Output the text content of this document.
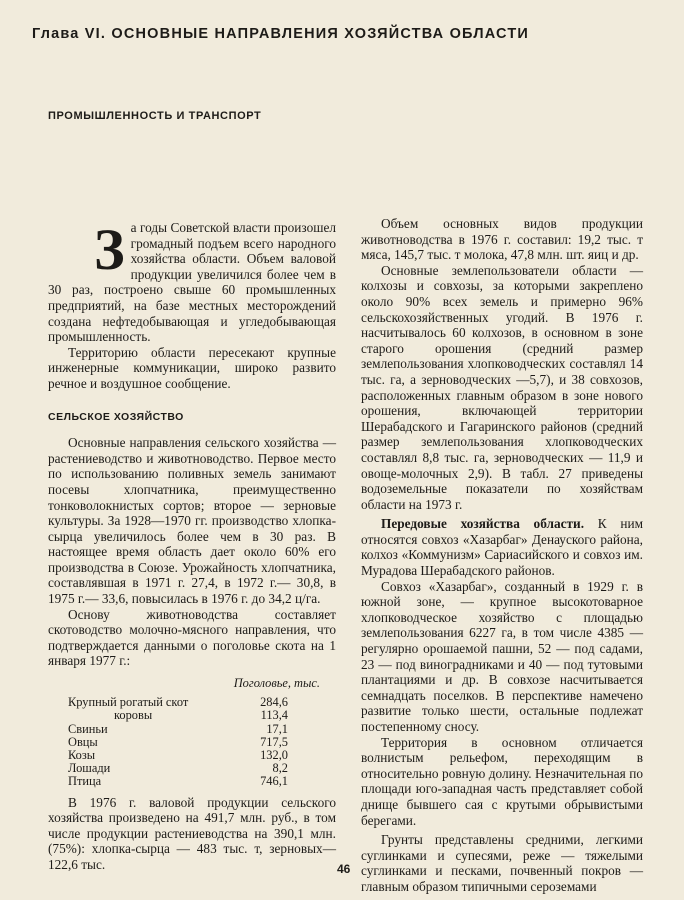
Глава VI. ОСНОВНЫЕ НАПРАВЛЕНИЯ ХОЗЯЙСТВА ОБЛАСТИ
ПРОМЫШЛЕННОСТЬ И ТРАНСПОРТ

За годы Советской власти произошел громадный подъем всего народного хозяйства области. Объем валовой продукции увеличился более чем в 30 раз, построено свыше 60 промышленных предприятий, на базе местных месторождений создана нефтедобывающая и угледобывающая промышленность.

Территорию области пересекают крупные инженерные коммуникации, широко развито речное и воздушное сообщение.

СЕЛЬСКОЕ ХОЗЯЙСТВО

Основные направления сельского хозяйства — растениеводство и животноводство. Первое место по использованию поливных земель занимают посевы хлопчатника, преимущественно тонковолокнистых сортов; второе — зерновые культуры. За 1928—1970 гг. производство хлопка-сырца увеличилось более чем в 30 раз. В настоящее время область дает около 60% его производства в Союзе. Урожайность хлопчатника, составлявшая в 1971 г. 27,4, в 1972 г.— 30,8, в 1975 г.— 33,6, повысилась в 1976 г. до 34,2 ц/га.

Основу животноводства составляет скотоводство молочно-мясного направления, что подтверждается данными о поголовье скота на 1 января 1977 г.:

Поголовье, тыс.
Крупный рогатый скот	284,6
коровы	113,4
Свиньи	17,1
Овцы	717,5
Козы	132,0
Лошади	8,2
Птица	746,1

В 1976 г. валовой продукции сельского хозяйства произведено на 491,7 млн. руб., в том числе продукции растениеводства на 390,1 млн. (75%): хлопка-сырца — 483 тыс. т, зерновых— 122,6 тыс.

Объем основных видов продукции животноводства в 1976 г. составил: 19,2 тыс. т мяса, 145,7 тыс. т молока, 47,8 млн. шт. яиц и др.

Основные землепользователи области — колхозы и совхозы, за которыми закреплено около 90% всех земель и примерно 96% сельскохозяйственных угодий. В 1976 г. насчитывалось 60 колхозов, в основном в зоне старого орошения (средний размер землепользования хлопководческих составлял 14 тыс. га, а зерноводческих —5,7), и 38 совхозов, расположенных главным образом в зоне нового орошения, включающей территории Шерабадского и Гагаринского районов (средний размер землепользования хлопководческих составлял 8,8 тыс. га, зерноводческих — 11,9 и овоще-молочных 2,9). В табл. 27 приведены водоземельные показатели по хозяйствам области на 1973 г.

Передовые хозяйства области. К ним относятся совхоз «Хазарбаг» Денауского района, колхоз «Коммунизм» Сариасийского и совхоз им. Мурадова Шерабадского районов.

Совхоз «Хазарбаг», созданный в 1929 г. в южной зоне, — крупное высокотоварное хлопководческое хозяйство с площадью землепользования 6227 га, в том числе 4385 — регулярно орошаемой пашни, 52 — под садами, 23 — под виноградниками и 40 — под тутовыми плантациями и др. В совхозе насчитывается семнадцать поселков. В перспективе намечено развитие только шести, остальные подлежат постепенному сносу.

Территория в основном отличается волнистым рельефом, переходящим в относительно ровную долину. Незначительная по площади юго-западная часть представляет собой днище бывшего сая с крутыми обрывистыми берегами.

Грунты представлены средними, легкими суглинками и супесями, реже — тяжелыми суглинками и песками, почвенный покров — главным образом типичными сероземами

46
